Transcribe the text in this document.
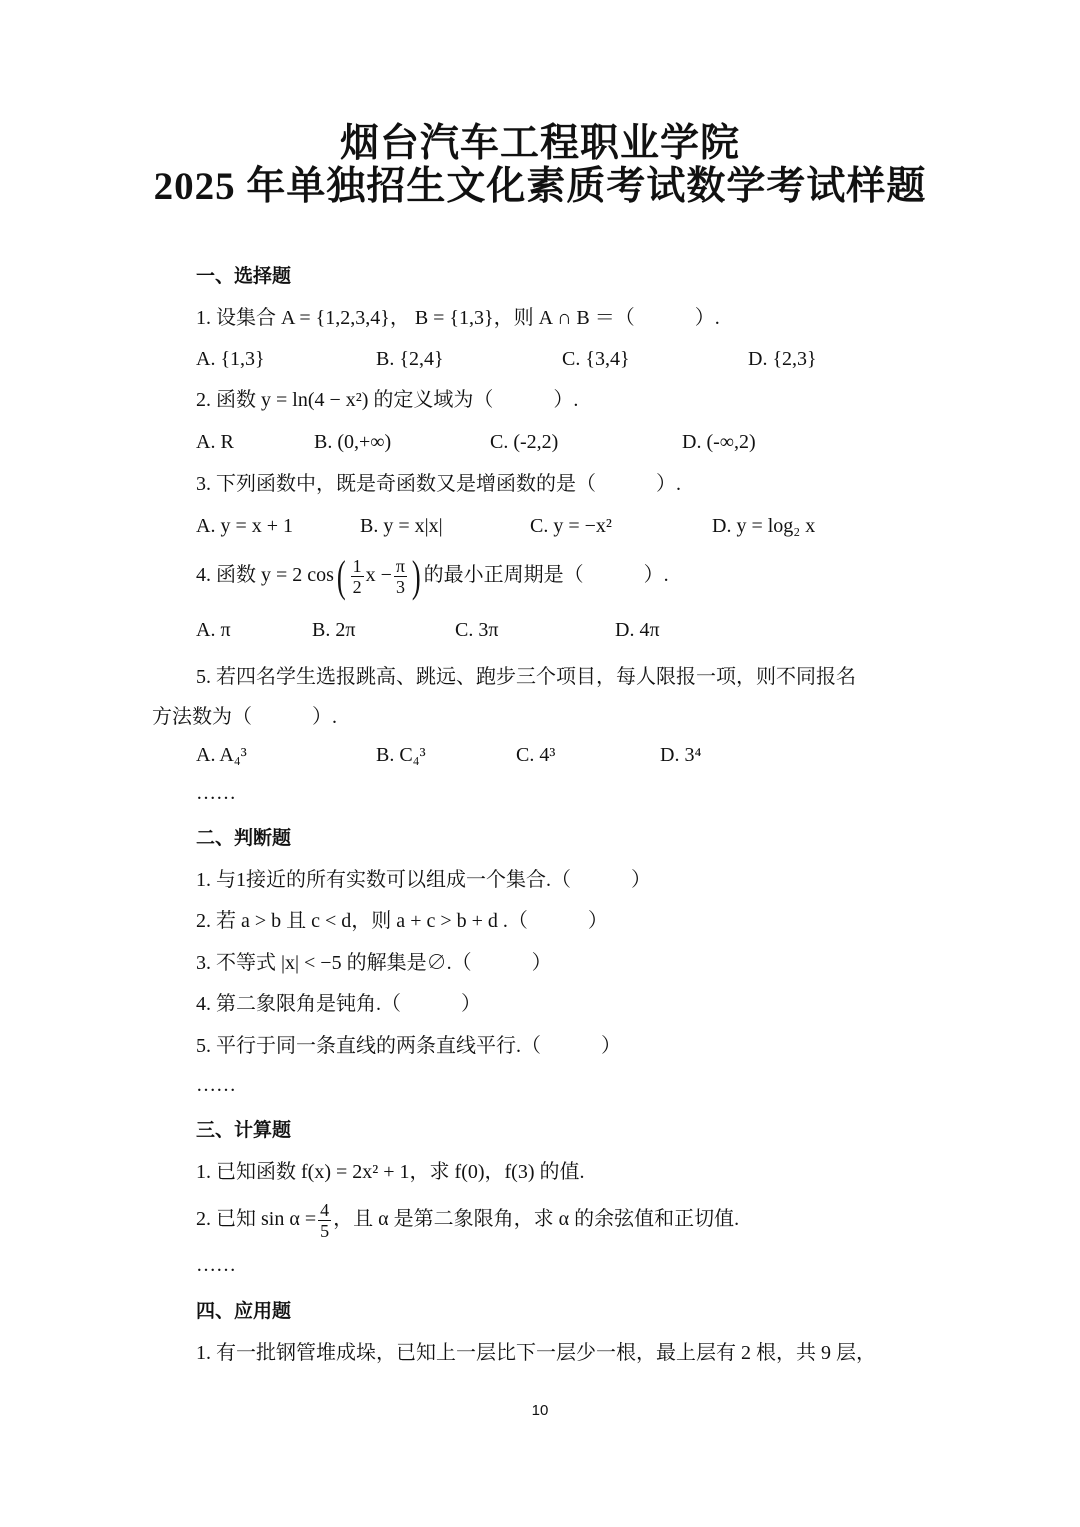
烟台汽车工程职业学院
2025 年单独招生文化素质考试数学考试样题
一、选择题
1. 设集合 A = {1,2,3,4}， B = {1,3}，则 A ∩ B ＝（　　　）.
A. {1,3}	B. {2,4}	C. {3,4}	D. {2,3}
2. 函数 y = ln(4 − x²) 的定义域为（　　　）.
A. R	B. (0,+∞)	C. (-2,2)	D. (-∞,2)
3. 下列函数中，既是奇函数又是增函数的是（　　　）.
A. y = x + 1	B. y = x|x|	C. y = −x²	D. y = log₂ x
4. 函数 y = 2 $\cos( \frac{1}{2}$ $x - \frac{\pi}{3}$ ) 的最小正周期是（　　　）.
A. π	B. 2π	C. 3π	D. 4π
5. 若四名学生选报跳高、跳远、跑步三个项目，每人限报一项，则不同报名
方法数为（　　　）.
A. A₄³	B. C₄³	C. 4³	D. 3⁴
……
二、判断题
1. 与1接近的所有实数可以组成一个集合.（　　　）
2. 若 a > b 且 c < d，则 a + c > b + d .（　　　）
3. 不等式 |x| < −5 的解集是∅.（　　　）
4. 第二象限角是钝角.（　　　）
5. 平行于同一条直线的两条直线平行.（　　　）
……
三、计算题
1. 已知函数 f(x) = 2x² + 1，求 f(0)，f(3) 的值.
2. 已知 $\sin \alpha = \frac{4}{5}$ ，且 α 是第二象限角，求 α 的余弦值和正切值.
……
四、应用题
1. 有一批钢管堆成垛，已知上一层比下一层少一根，最上层有 2 根，共 9 层，
10
